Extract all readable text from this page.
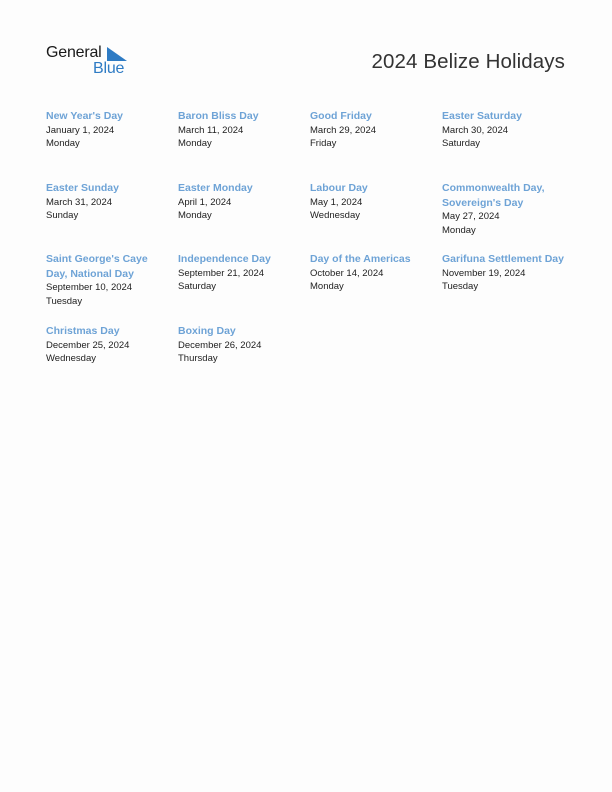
General
Blue	2024 Belize Holidays
New Year's Day
January 1, 2024
Monday
Baron Bliss Day
March 11, 2024
Monday
Good Friday
March 29, 2024
Friday
Easter Saturday
March 30, 2024
Saturday
Easter Sunday
March 31, 2024
Sunday
Easter Monday
April 1, 2024
Monday
Labour Day
May 1, 2024
Wednesday
Commonwealth Day, Sovereign's Day
May 27, 2024
Monday
Saint George's Caye Day, National Day
September 10, 2024
Tuesday
Independence Day
September 21, 2024
Saturday
Day of the Americas
October 14, 2024
Monday
Garifuna Settlement Day
November 19, 2024
Tuesday
Christmas Day
December 25, 2024
Wednesday
Boxing Day
December 26, 2024
Thursday
